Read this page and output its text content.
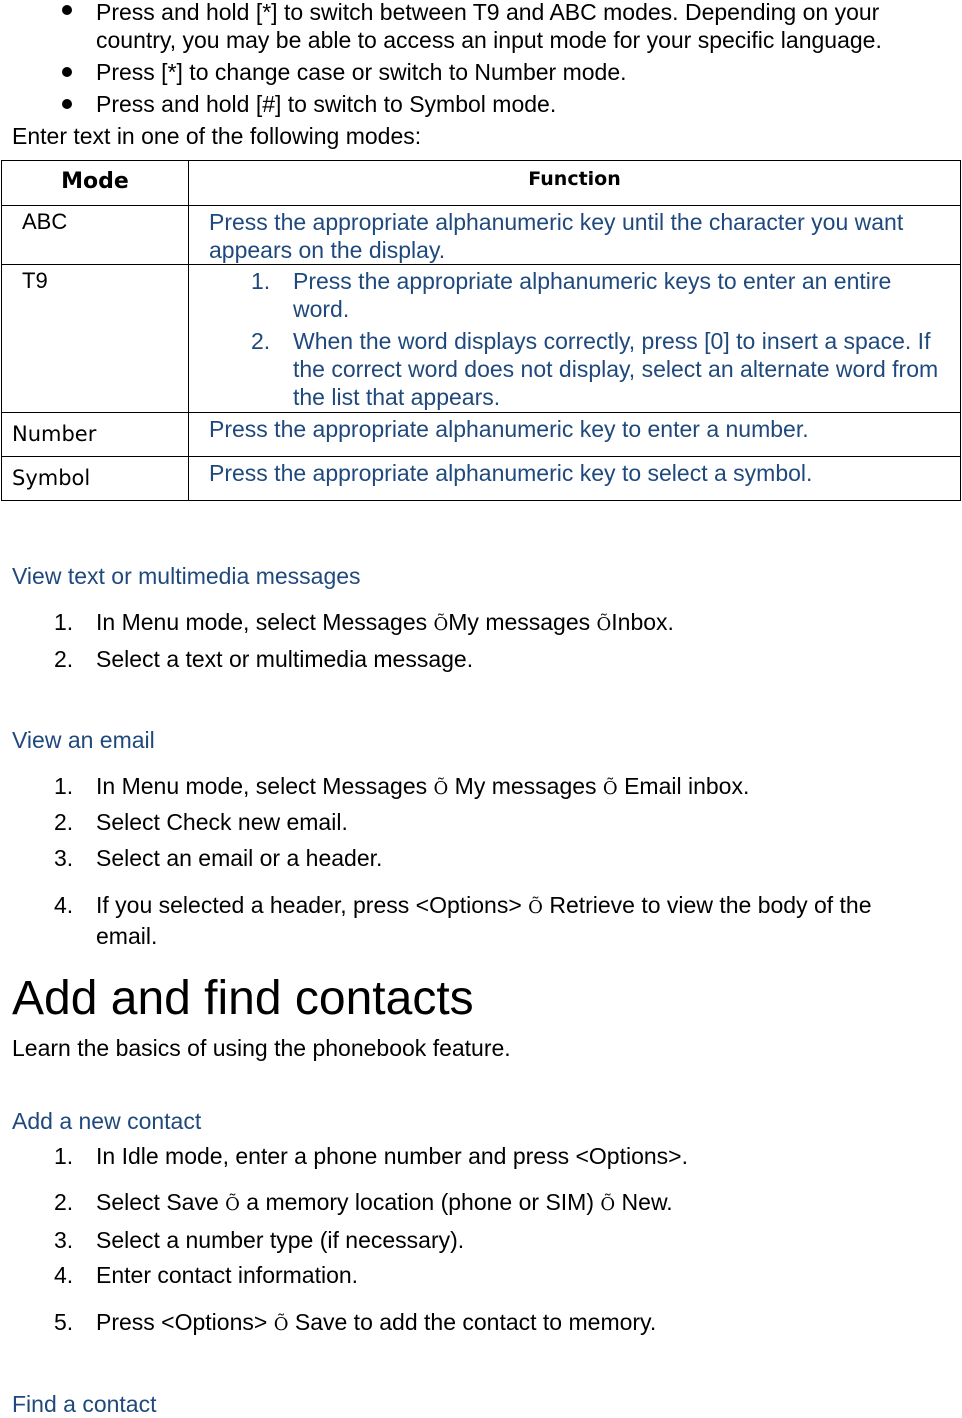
Press and hold [*] to switch between T9 and ABC modes. Depending on your
country, you may be able to access an input mode for your specific language.
Press [*] to change case or switch to Number mode.
Press and hold [#] to switch to Symbol mode.
Enter text in one of the following modes:
Mode	Function
ABC	Press the appropriate alphanumeric key until the character you want appears on the display.
T9	1. Press the appropriate alphanumeric keys to enter an entire word.

2. When the word displays correctly, press [0] to insert a space. If the correct word does not display, select an alternate word from the list that appears.

Number	Press the appropriate alphanumeric key to enter a number.
Symbol	Press the appropriate alphanumeric key to select a symbol.
View text or multimedia messages
1. In Menu mode, select Messages ÕMy messages ÕInbox.
2. Select a text or multimedia message.
View an email
1. In Menu mode, select Messages Õ My messages Õ Email inbox.
2. Select Check new email.
3. Select an email or a header.
4. If you selected a header, press <Options> Õ Retrieve to view the body of the
email.
Add and find contacts
Learn the basics of using the phonebook feature.
Add a new contact
1. In Idle mode, enter a phone number and press <Options>.
2. Select Save Õ a memory location (phone or SIM) Õ New.
3. Select a number type (if necessary).
4. Enter contact information.
5. Press <Options> Õ Save to add the contact to memory.
Find a contact
